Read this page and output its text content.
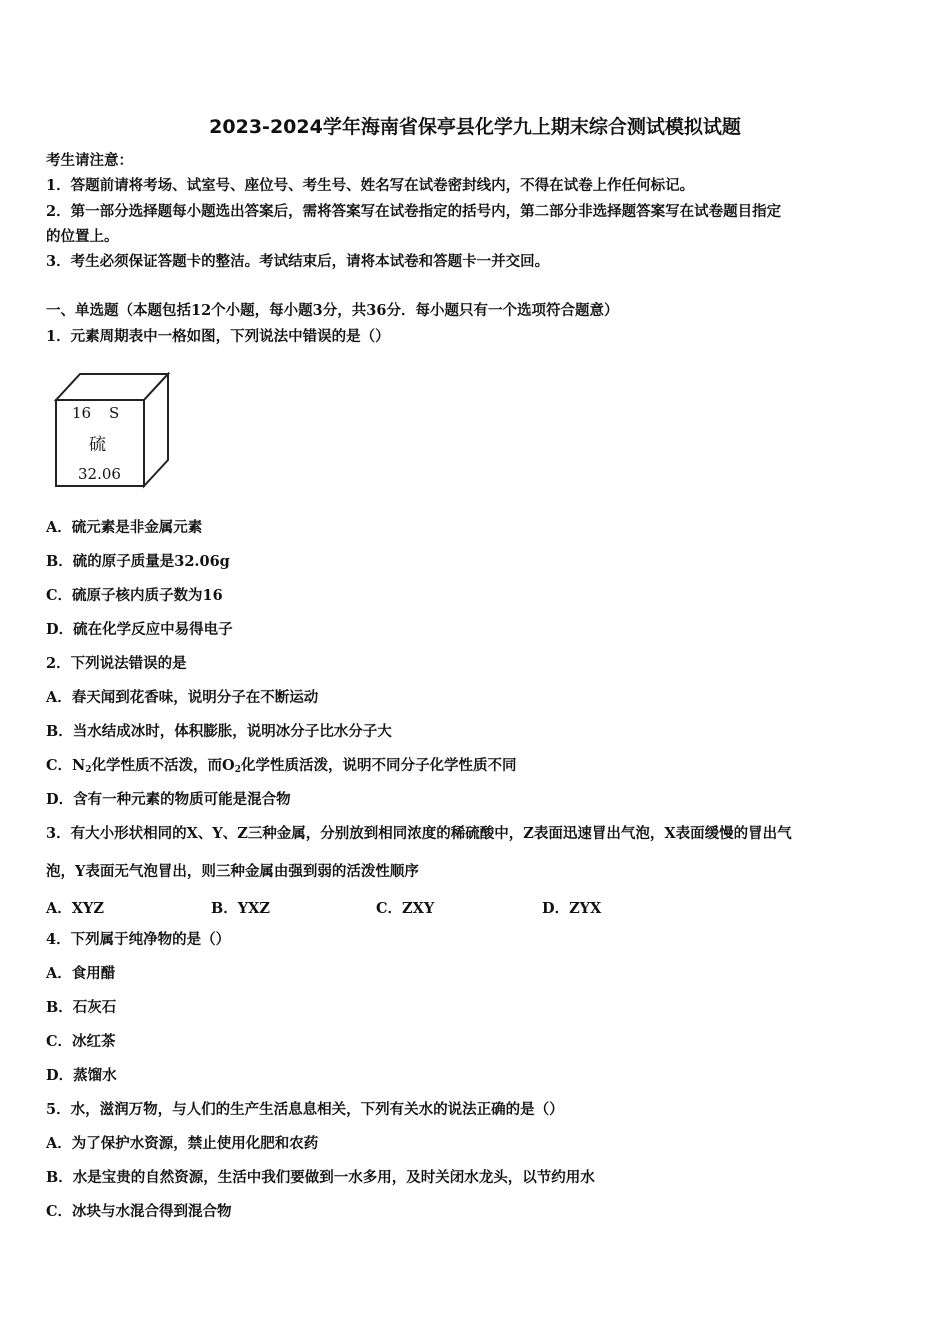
2023-2024学年海南省保亭县化学九上期末综合测试模拟试题
考生请注意：
1．答题前请将考场、试室号、座位号、考生号、姓名写在试卷密封线内，不得在试卷上作任何标记。
2．第一部分选择题每小题选出答案后，需将答案写在试卷指定的括号内，第二部分非选择题答案写在试卷题目指定
的位置上。
3．考生必须保证答题卡的整洁。考试结束后，请将本试卷和答题卡一并交回。
一、单选题（本题包括12个小题，每小题3分，共36分．每小题只有一个选项符合题意）
1．元素周期表中一格如图，下列说法中错误的是（）
16 S
硫
32.06
A．硫元素是非金属元素
B．硫的原子质量是32.06g
C．硫原子核内质子数为16
D．硫在化学反应中易得电子
2．下列说法错误的是
A．春天闻到花香味，说明分子在不断运动
B．当水结成冰时，体积膨胀，说明冰分子比水分子大
C．$N_2$化学性质不活泼，而$O_2$化学性质活泼，说明不同分子化学性质不同
D．含有一种元素的物质可能是混合物
3．有大小形状相同的X、Y、Z三种金属，分别放到相同浓度的稀硫酸中，Z表面迅速冒出气泡，X表面缓慢的冒出气
泡，Y表面无气泡冒出，则三种金属由强到弱的活泼性顺序
A．XYZ	B．YXZ	C．ZXY	D．ZYX
4．下列属于纯净物的是（）
A．食用醋
B．石灰石
C．冰红茶
D．蒸馏水
5．水，滋润万物，与人们的生产生活息息相关，下列有关水的说法正确的是（）
A．为了保护水资源，禁止使用化肥和农药
B．水是宝贵的自然资源，生活中我们要做到一水多用，及时关闭水龙头，以节约用水
C．冰块与水混合得到混合物
